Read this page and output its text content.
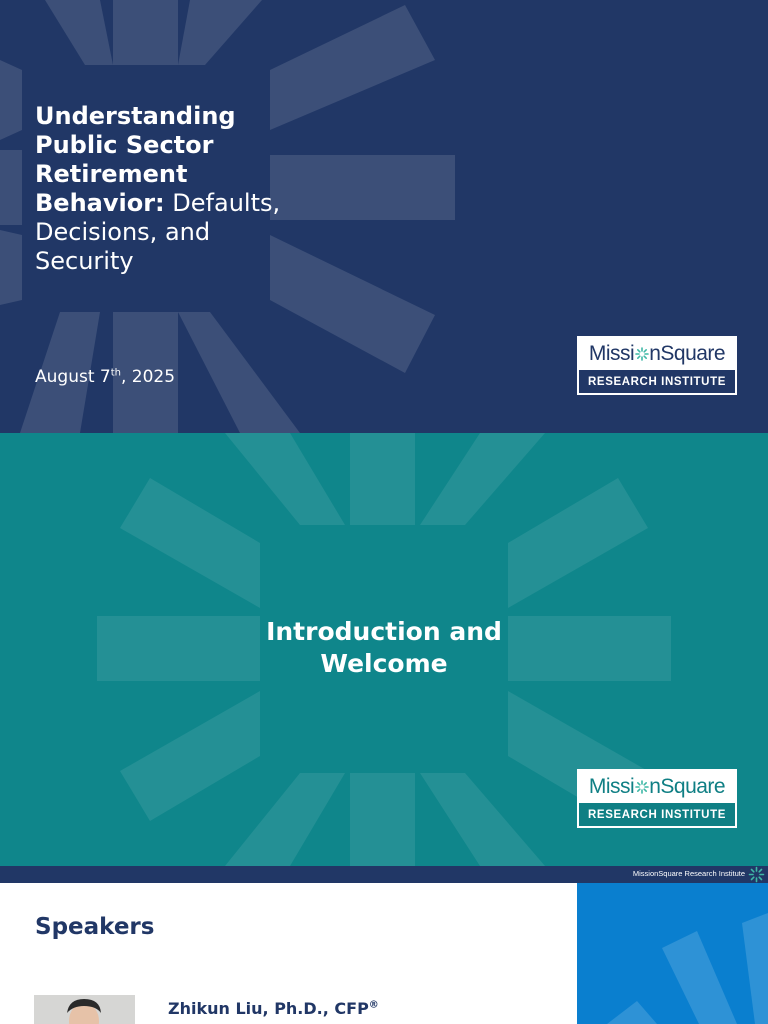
Understanding Public Sector Retirement Behavior: Defaults, Decisions, and Security
August 7th, 2025
Missi nSquare
RESEARCH INSTITUTE
Introduction and Welcome
Missi nSquare
RESEARCH INSTITUTE
MissionSquare Research Institute
Speakers
Zhikun Liu, Ph.D., CFP®
